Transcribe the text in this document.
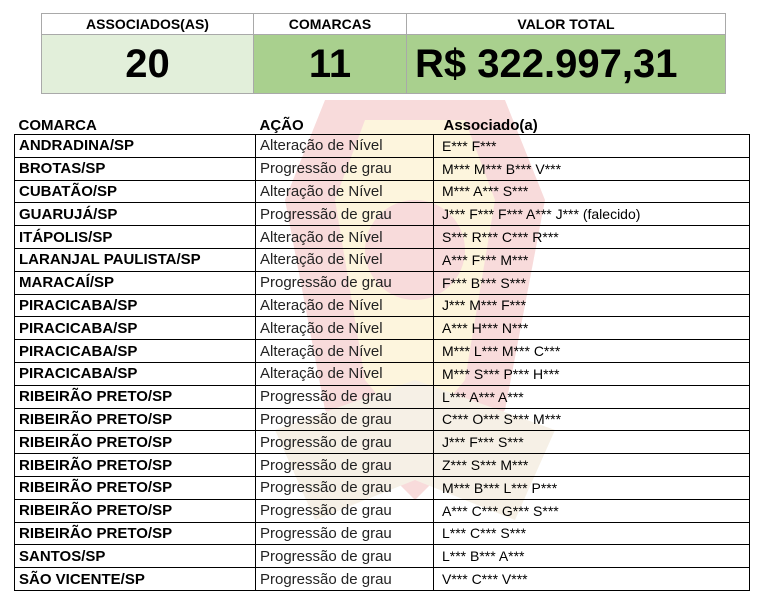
ASSOCIADOS(AS)	COMARCAS	VALOR TOTAL
20	11	R$ 322.997,31
COMARCA	AÇÃO	Associado(a)
ANDRADINA/SP	Alteração de Nível	E*** F***
BROTAS/SP	Progressão de grau	M*** M*** B*** V***
CUBATÃO/SP	Alteração de Nível	M*** A*** S***
GUARUJÁ/SP	Progressão de grau	J*** F*** F*** A*** J*** (falecido)
ITÁPOLIS/SP	Alteração de Nível	S*** R*** C*** R***
LARANJAL PAULISTA/SP	Alteração de Nível	A*** F*** M***
MARACAÍ/SP	Progressão de grau	F*** B*** S***
PIRACICABA/SP	Alteração de Nível	J*** M*** F***
PIRACICABA/SP	Alteração de Nível	A*** H*** N***
PIRACICABA/SP	Alteração de Nível	M*** L*** M*** C***
PIRACICABA/SP	Alteração de Nível	M*** S*** P*** H***
RIBEIRÃO PRETO/SP	Progressão de grau	L*** A*** A***
RIBEIRÃO PRETO/SP	Progressão de grau	C*** O*** S*** M***
RIBEIRÃO PRETO/SP	Progressão de grau	J*** F*** S***
RIBEIRÃO PRETO/SP	Progressão de grau	Z*** S*** M***
RIBEIRÃO PRETO/SP	Progressão de grau	M*** B*** L*** P***
RIBEIRÃO PRETO/SP	Progressão de grau	A*** C*** G*** S***
RIBEIRÃO PRETO/SP	Progressão de grau	L*** C*** S***
SANTOS/SP	Progressão de grau	L*** B*** A***
SÃO VICENTE/SP	Progressão de grau	V*** C*** V***
